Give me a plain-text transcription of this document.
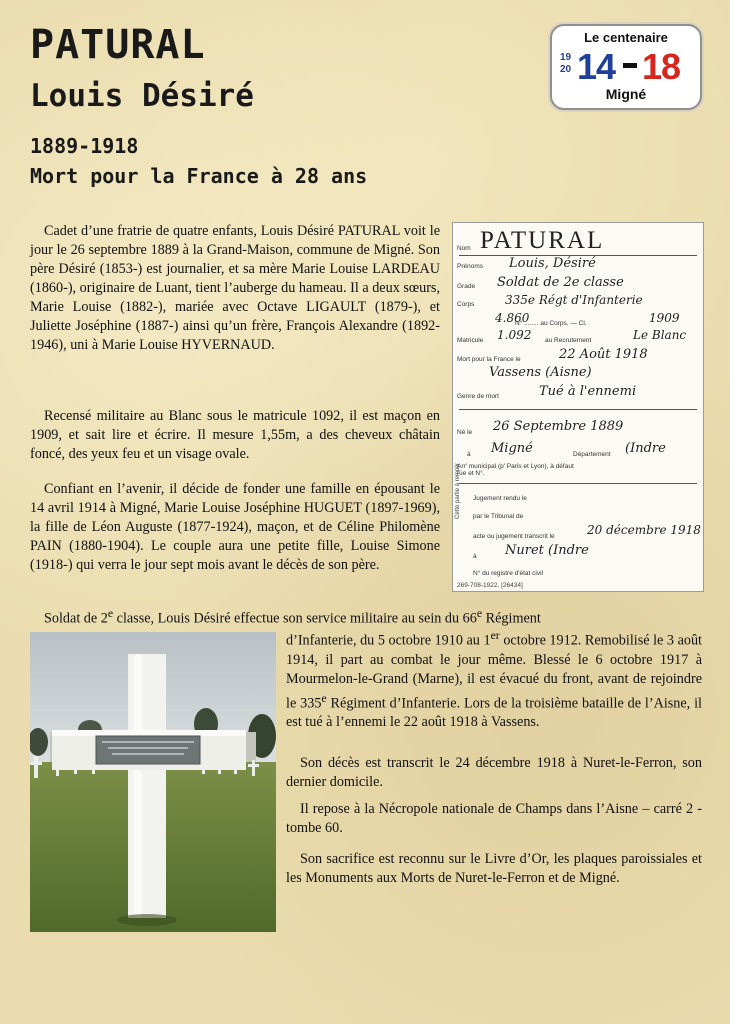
PATURAL
Louis Désiré
1889-1918
Mort pour la France à 28 ans
Le centenaire
19
20 14 18
Migné

Cadet d’une fratrie de quatre enfants, Louis Désiré PATURAL voit le jour le 26 septembre 1889 à la Grand-Maison, commune de Migné. Son père Désiré (1853-) est journalier, et sa mère Marie Louise LARDEAU (1860-), originaire de Luant, tient l’auberge du hameau. Il a deux sœurs, Marie Louise (1882-), mariée avec Octave LIGAULT (1879-), et Juliette Joséphine (1887-) ainsi qu’un frère, François Alexandre (1892-1946), uni à Marie Louise HYVERNAUD.

Recensé militaire au Blanc sous le matricule 1092, il est maçon en 1909, et sait lire et écrire. Il mesure 1,55m, a des cheveux châtain foncé, des yeux feu et un visage ovale.

Confiant en l’avenir, il décide de fonder une famille en épousant le 14 avril 1914 à Migné, Marie Louise Joséphine HUGUET (1897-1969), la fille de Léon Auguste (1877-1924), maçon, et de Céline Philomène PAIN (1880-1904). Le couple aura une petite fille, Louise Simone (1918-) qui verra le jour sept mois avant le décès de son père.

Soldat de 2e classe, Louis Désiré effectue son service militaire au sein du 66e Régiment

d’Infanterie, du 5 octobre 1910 au 1er octobre 1912. Remobilisé le 3 août 1914, il part au combat le jour même. Blessé le 6 octobre 1917 à Mourmelon-le-Grand (Marne), il est évacué du front, avant de rejoindre le 335e Régiment d’Infanterie. Lors de la troisième bataille de l’Aisne, il est tué à l’ennemi le 22 août 1918 à Vassens.

Son décès est transcrit le 24 décembre 1918 à Nuret-le-Ferron, son dernier domicile.

Il repose à la Nécropole nationale de Champs dans l’Aisne – carré 2 - tombe 60.

Son sacrifice est reconnu sur le Livre d’Or, les plaques paroissiales et les Monuments aux Morts de Nuret-le-Ferron et de Migné.

Nom PATURAL
Prénoms Louis, Désiré
Grade Soldat de 2e classe
Corps	335e Régt d'Infanterie
N° ........ au Corps. — Cl.
4.860	1909
Matricule 1.092 au Recrutement	Le Blanc
Mort pour la France le	22 Août 1918
Vassens (Aisne)
Genre de mort	Tué à l'ennemi
Né le 26 Septembre 1889
à Migné	Département (Indre
Arr' municipal (p' Paris et Lyon), à défaut rue et N°.
Jugement rendu le
par le Tribunal de
acte ou jugement transcrit le	20 décembre 1918
à Nuret (Indre
N° du registre d'état civil
Cette partie à remplir
269-708-1922. [26434]
